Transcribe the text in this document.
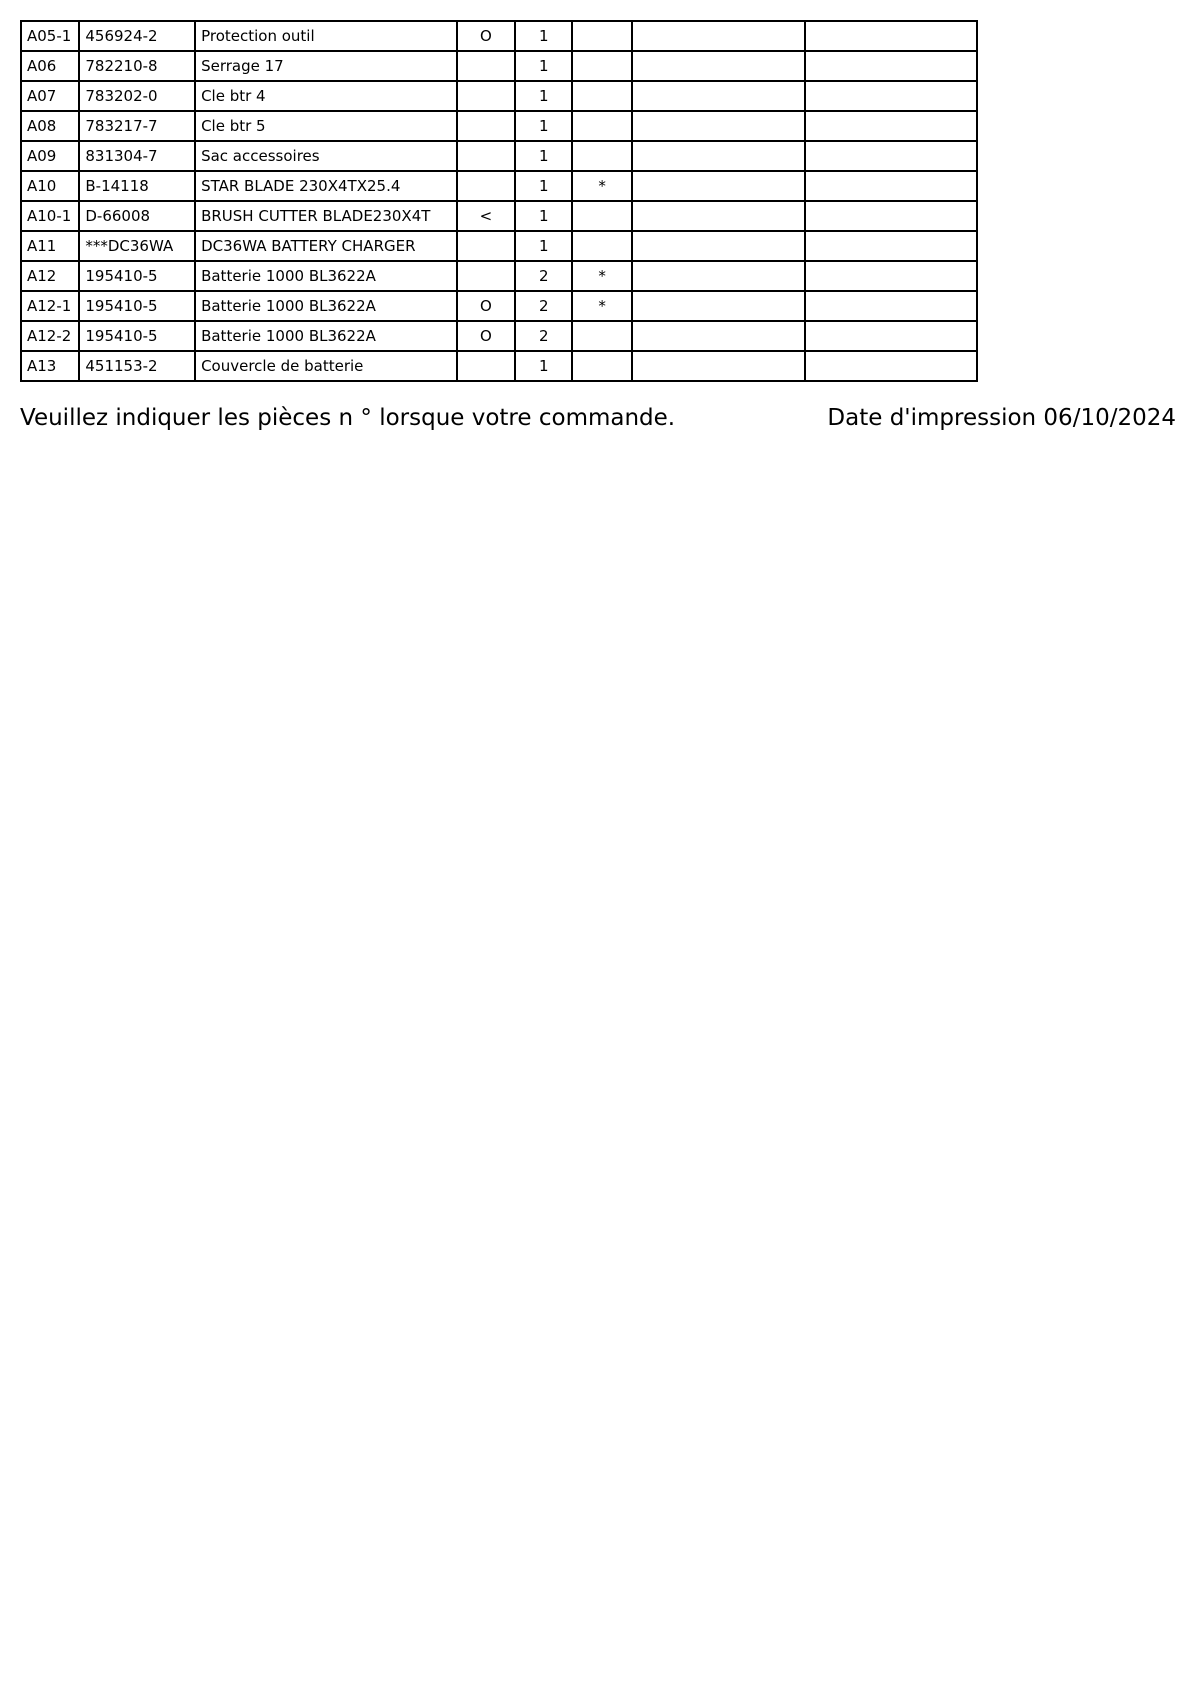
A05-1	456924-2	Protection outil	O	1			
A06	782210-8	Serrage 17		1			
A07	783202-0	Cle btr 4		1			
A08	783217-7	Cle btr 5		1			
A09	831304-7	Sac accessoires		1			
A10	B-14118	STAR BLADE 230X4TX25.4		1	*		
A10-1	D-66008	BRUSH CUTTER BLADE230X4T	<	1			
A11	***DC36WA	DC36WA BATTERY CHARGER		1			
A12	195410-5	Batterie 1000 BL3622A		2	*		
A12-1	195410-5	Batterie 1000 BL3622A	O	2	*		
A12-2	195410-5	Batterie 1000 BL3622A	O	2			
A13	451153-2	Couvercle de batterie		1			
Veuillez indiquer les pièces n ° lorsque votre commande.	Date d'impression 06/10/2024
